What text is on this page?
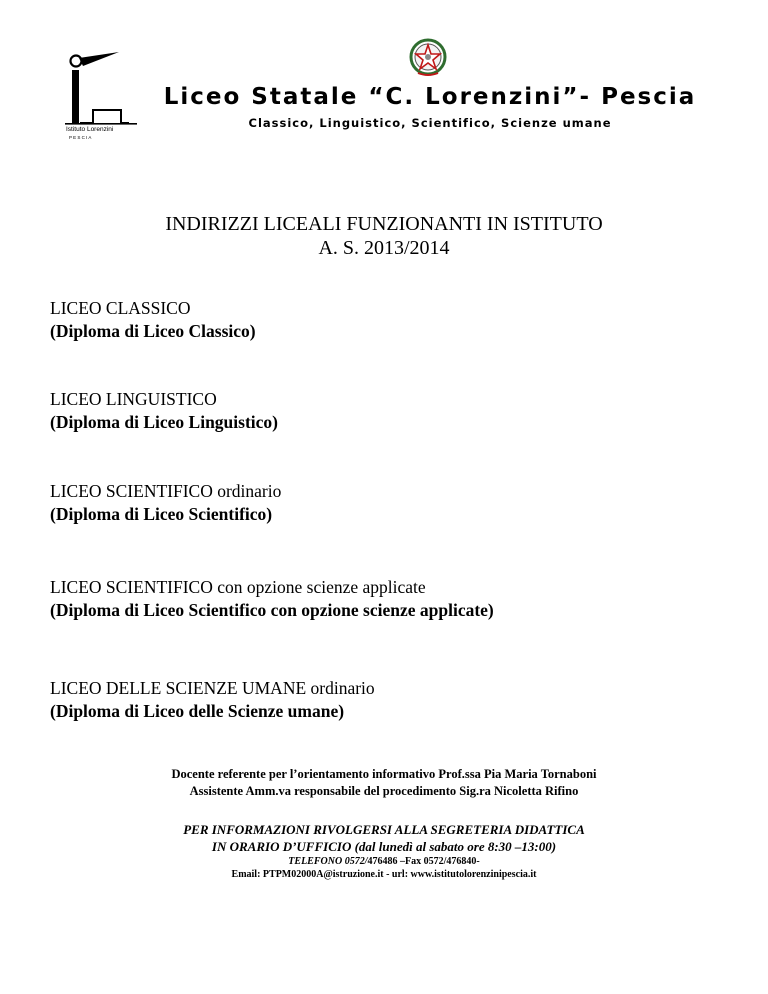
Istituto Lorenzini
P E S C I A
Liceo Statale “C. Lorenzini”- Pescia
Classico, Linguistico, Scientifico, Scienze umane
INDIRIZZI LICEALI FUNZIONANTI IN ISTITUTO
A. S. 2013/2014
LICEO CLASSICO
(Diploma di Liceo Classico)
LICEO LINGUISTICO
(Diploma di Liceo Linguistico)
LICEO SCIENTIFICO ordinario
(Diploma di Liceo Scientifico)
LICEO SCIENTIFICO con opzione scienze applicate
(Diploma di Liceo Scientifico con opzione scienze applicate)
LICEO DELLE SCIENZE UMANE ordinario
(Diploma di Liceo delle Scienze umane)
Docente referente per l’orientamento informativo Prof.ssa Pia Maria Tornaboni
Assistente Amm.va responsabile del procedimento Sig.ra Nicoletta Rifino
PER INFORMAZIONI RIVOLGERSI ALLA SEGRETERIA DIDATTICA
IN ORARIO D’UFFICIO (dal lunedì al sabato ore 8:30 –13:00)
TELEFONO 0572/476486 –Fax 0572/476840-
Email: PTPM02000A@istruzione.it - url: www.istitutolorenzinipescia.it
